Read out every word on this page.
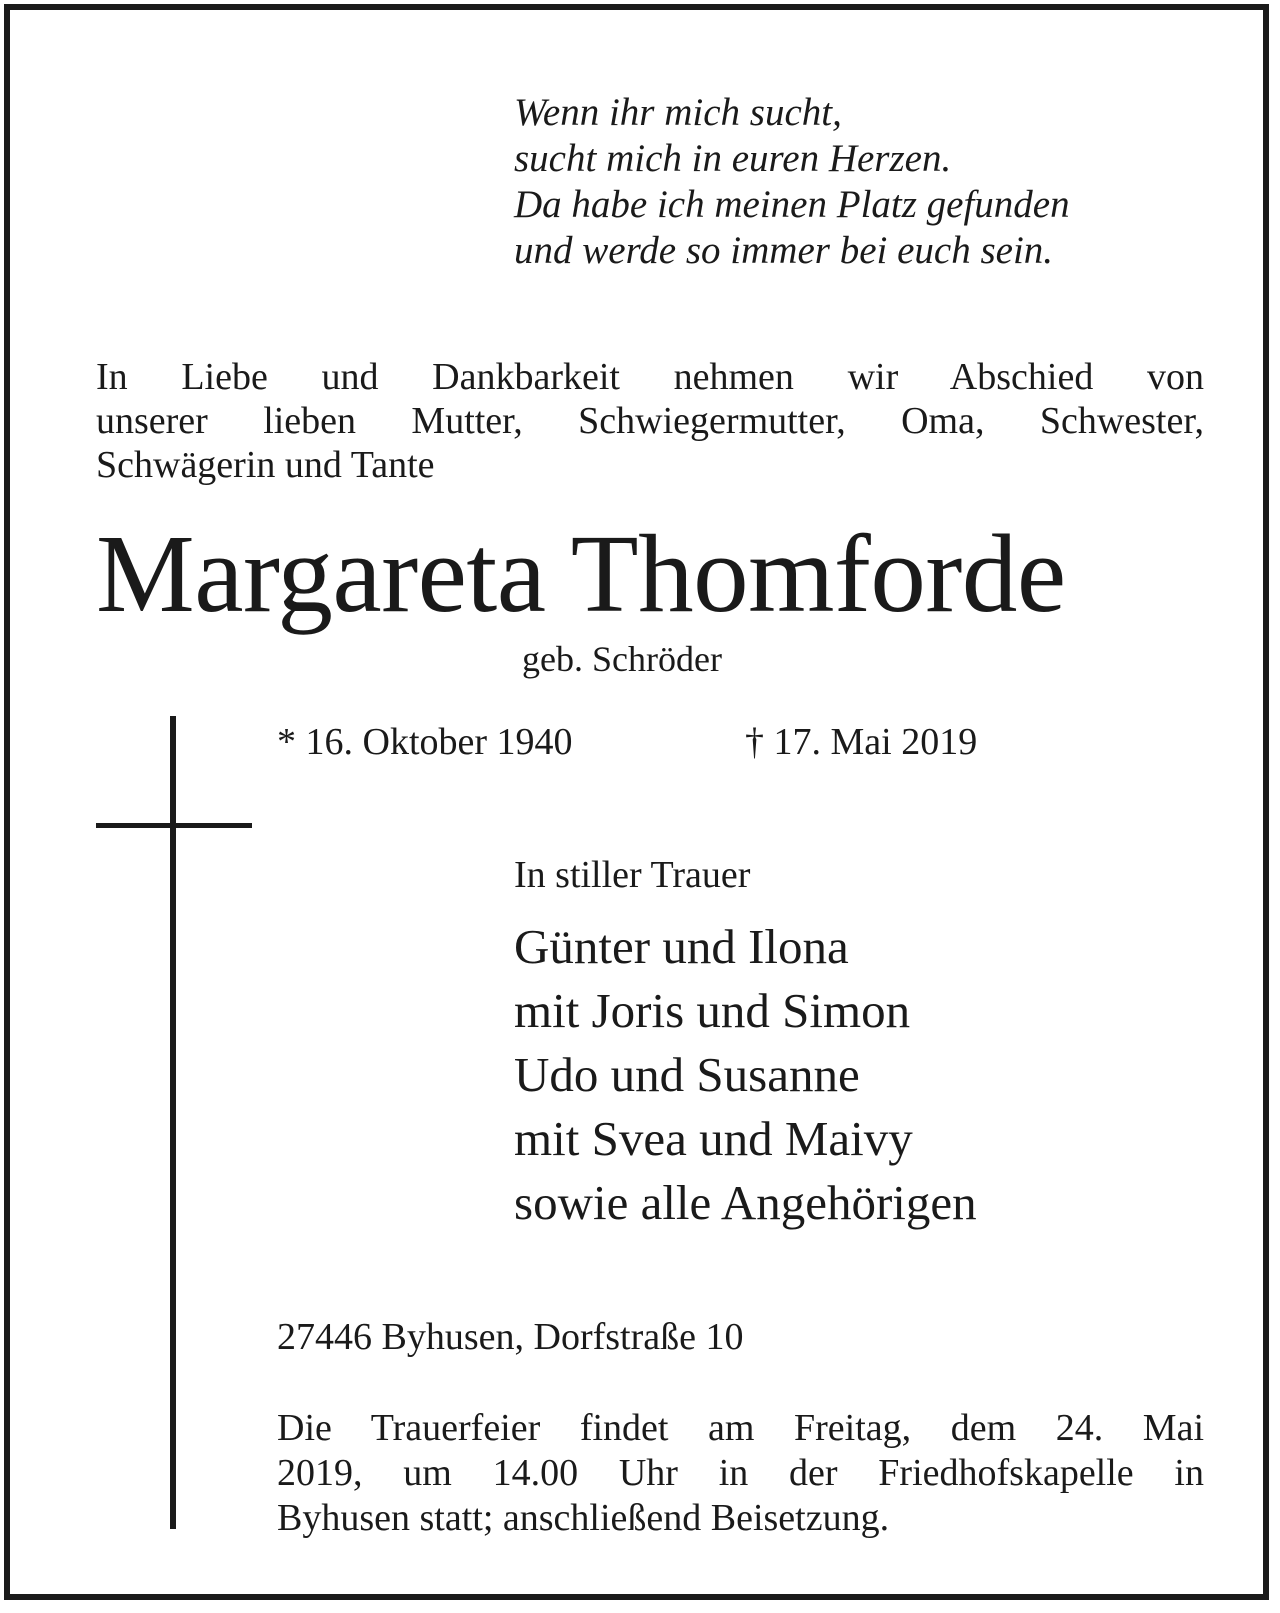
Wenn ihr mich sucht,
sucht mich in euren Herzen.
Da habe ich meinen Platz gefunden
und werde so immer bei euch sein.
In Liebe und Dankbarkeit nehmen wir Abschied von
unserer lieben Mutter, Schwiegermutter, Oma, Schwester,
Schwägerin und Tante
Margareta Thomforde
geb. Schröder
* 16. Oktober 1940	† 17. Mai 2019
In stiller Trauer
Günter und Ilona
mit Joris und Simon
Udo und Susanne
mit Svea und Maivy
sowie alle Angehörigen
27446 Byhusen, Dorfstraße 10
Die Trauerfeier findet am Freitag, dem 24. Mai
2019, um 14.00 Uhr in der Friedhofskapelle in
Byhusen statt; anschließend Beisetzung.
